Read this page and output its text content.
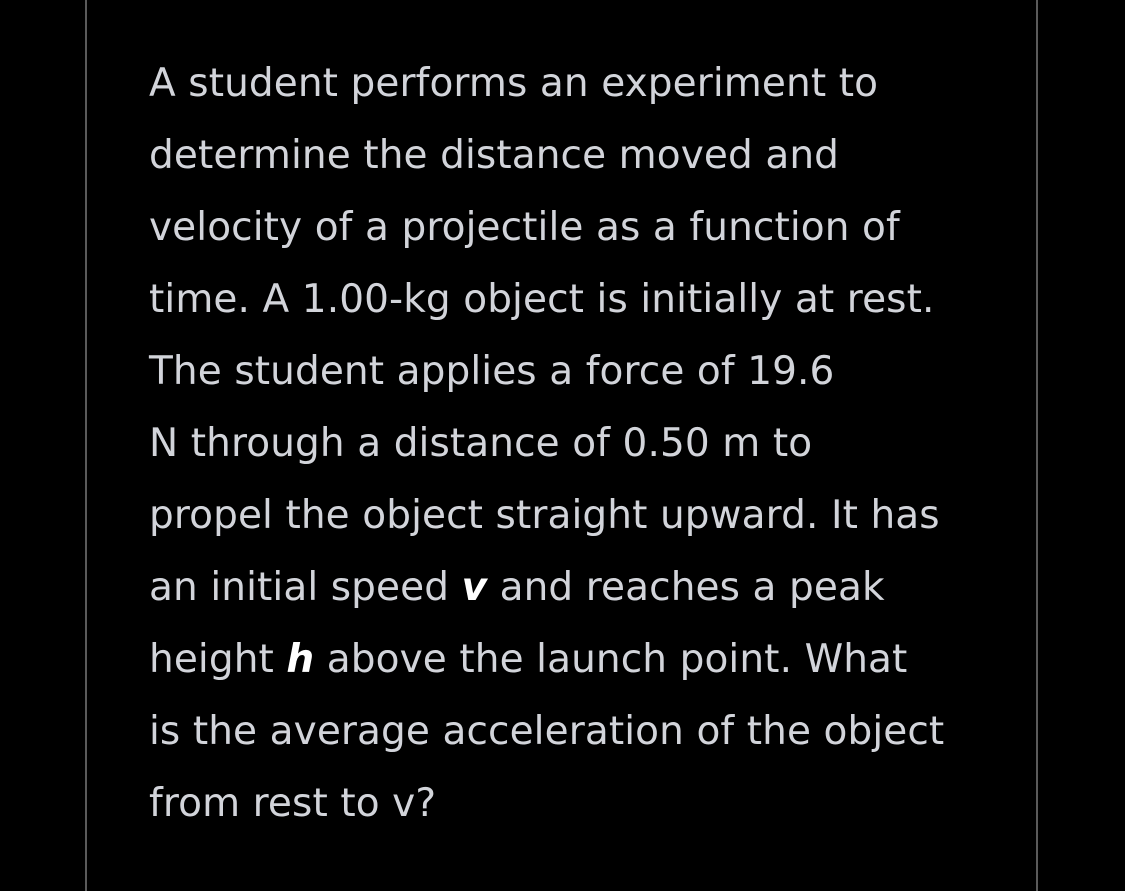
A student performs an experiment to
determine the distance moved and
velocity of a projectile as a function of
time. A 1.00-kg object is initially at rest.
The student applies a force of 19.6
N through a distance of 0.50 m to
propel the object straight upward. It has
an initial speed v and reaches a peak
height h above the launch point. What
is the average acceleration of the object
from rest to v?
